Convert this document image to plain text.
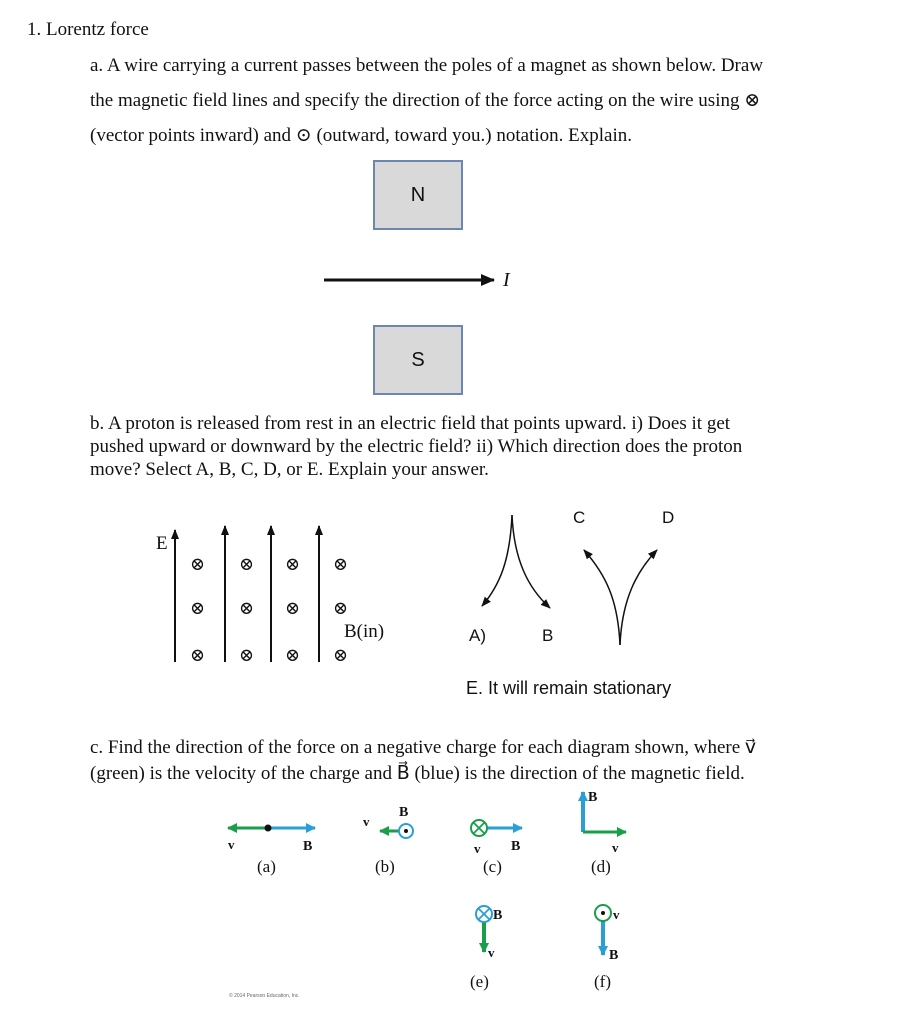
1. Lorentz force
a. A wire carrying a current passes between the poles of a magnet as shown below. Draw
the magnetic field lines and specify the direction of the force acting on the wire using ⊗
(vector points inward) and ⊙ (outward, toward you.) notation. Explain.
N
S
I
b. A proton is released from rest in an electric field that points upward. i) Does it get
pushed upward or downward by the electric field? ii) Which direction does the proton
move? Select A, B, C, D, or E. Explain your answer.
E
B(in)
⊗ ⊗ ⊗ ⊗
⊗ ⊗ ⊗ ⊗
⊗ ⊗ ⊗ ⊗
A)	B
C	D
E. It will remain stationary
c. Find the direction of the force on a negative charge for each diagram shown, where v⃗
(green) is the velocity of the charge and B⃗ (blue) is the direction of the magnetic field.
v⃗	B⃗
v⃗
B⃗
v⃗ B⃗
B⃗
v⃗
B⃗
v⃗
v⃗
B⃗
(a)	(b)	(c)	(d)
(e)	(f)
© 2014 Pearson Education, Inc.
